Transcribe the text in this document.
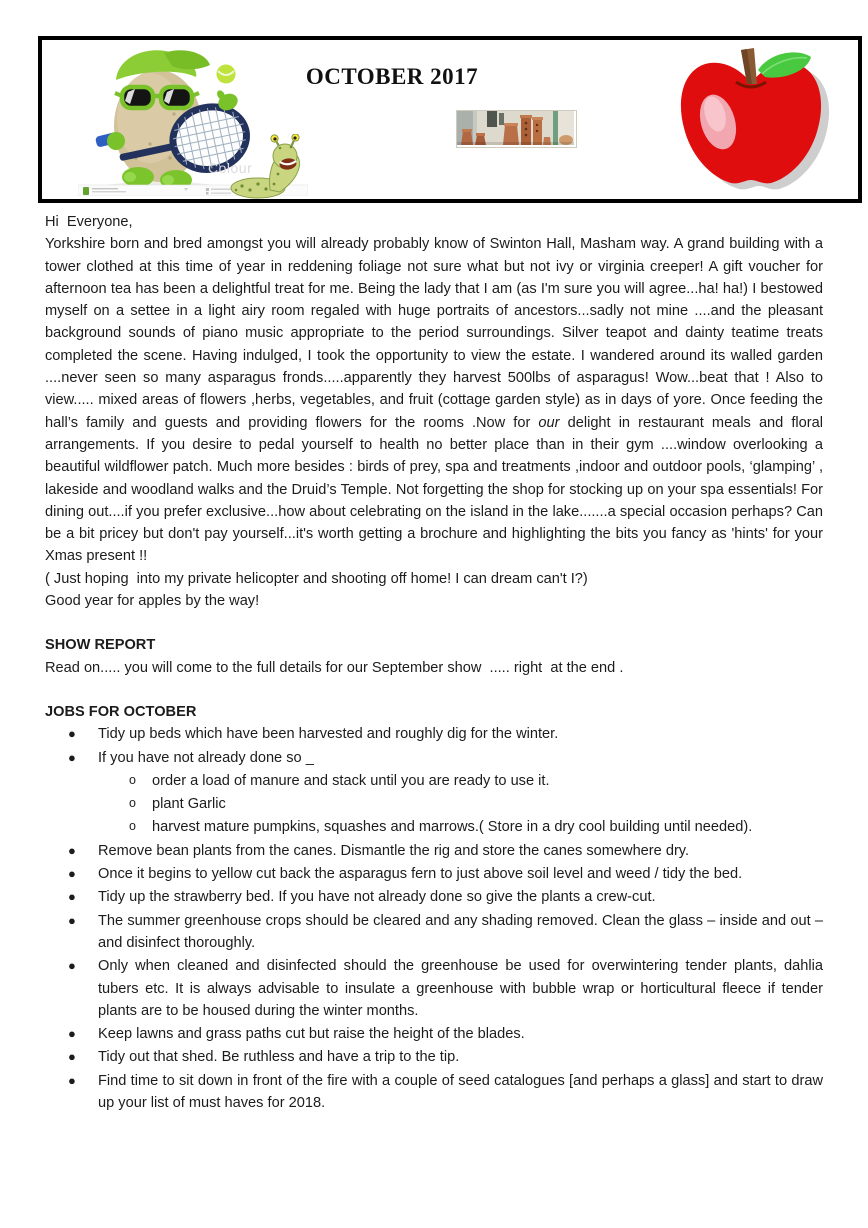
OCTOBER 2017
Colour

Hi  Everyone,

Yorkshire born and bred amongst you will already probably know of Swinton Hall, Masham way. A grand building with a tower clothed at this time of year in reddening foliage not sure what but not ivy or virginia creeper! A gift voucher for afternoon tea has been a delightful treat for me. Being the lady that I am (as I'm sure you will agree...ha! ha!) I bestowed myself on a settee in a light airy room regaled with huge portraits of ancestors...sadly not mine ....and the pleasant background sounds of piano music appropriate to the period surroundings. Silver teapot and dainty teatime treats completed the scene. Having indulged, I took the opportunity to view the estate. I wandered around its walled garden ....never seen so many asparagus fronds.....apparently they harvest 500lbs of asparagus! Wow...beat that ! Also to view..... mixed areas of flowers ,herbs, vegetables, and fruit (cottage garden style) as in days of yore. Once feeding the hall’s family and guests and providing flowers for the rooms .Now for our delight in restaurant meals and floral arrangements. If you desire to pedal yourself to health no better place than in their gym ....window overlooking a beautiful wildflower patch. Much more besides : birds of prey, spa and treatments ,indoor and outdoor pools, ‘glamping’ , lakeside and woodland walks and the Druid’s Temple. Not forgetting the shop for stocking up on your spa essentials! For dining out....if you prefer exclusive...how about celebrating on the island in the lake.......a special occasion perhaps? Can be a bit pricey but don't pay yourself...it's worth getting a brochure and highlighting the bits you fancy as 'hints' for your Xmas present !!

( Just hoping  into my private helicopter and shooting off home! I can dream can't I?)

Good year for apples by the way!

SHOW REPORT

Read on..... you will come to the full details for our September show  ..... right  at the end .

JOBS FOR OCTOBER

● Tidy up beds which have been harvested and roughly dig for the winter.
● If you have not already done so _
o order a load of manure and stack until you are ready to use it.
o plant Garlic
o harvest mature pumpkins, squashes and marrows.( Store in a dry cool building until needed).
● Remove bean plants from the canes. Dismantle the rig and store the canes somewhere dry.
● Once it begins to yellow cut back the asparagus fern to just above soil level and weed / tidy the bed.
● Tidy up the strawberry bed. If you have not already done so give the plants a crew-cut.
● The summer greenhouse crops should be cleared and any shading removed. Clean the glass – inside and out – and disinfect thoroughly.
● Only when cleaned and disinfected should the greenhouse be used for overwintering tender plants, dahlia tubers etc. It is always advisable to insulate a greenhouse with bubble wrap or horticultural fleece if tender plants are to be housed during the winter months.
● Keep lawns and grass paths cut but raise the height of the blades.
● Tidy out that shed. Be ruthless and have a trip to the tip.
● Find time to sit down in front of the fire with a couple of seed catalogues [and perhaps a glass] and start to draw up your list of must haves for 2018.
